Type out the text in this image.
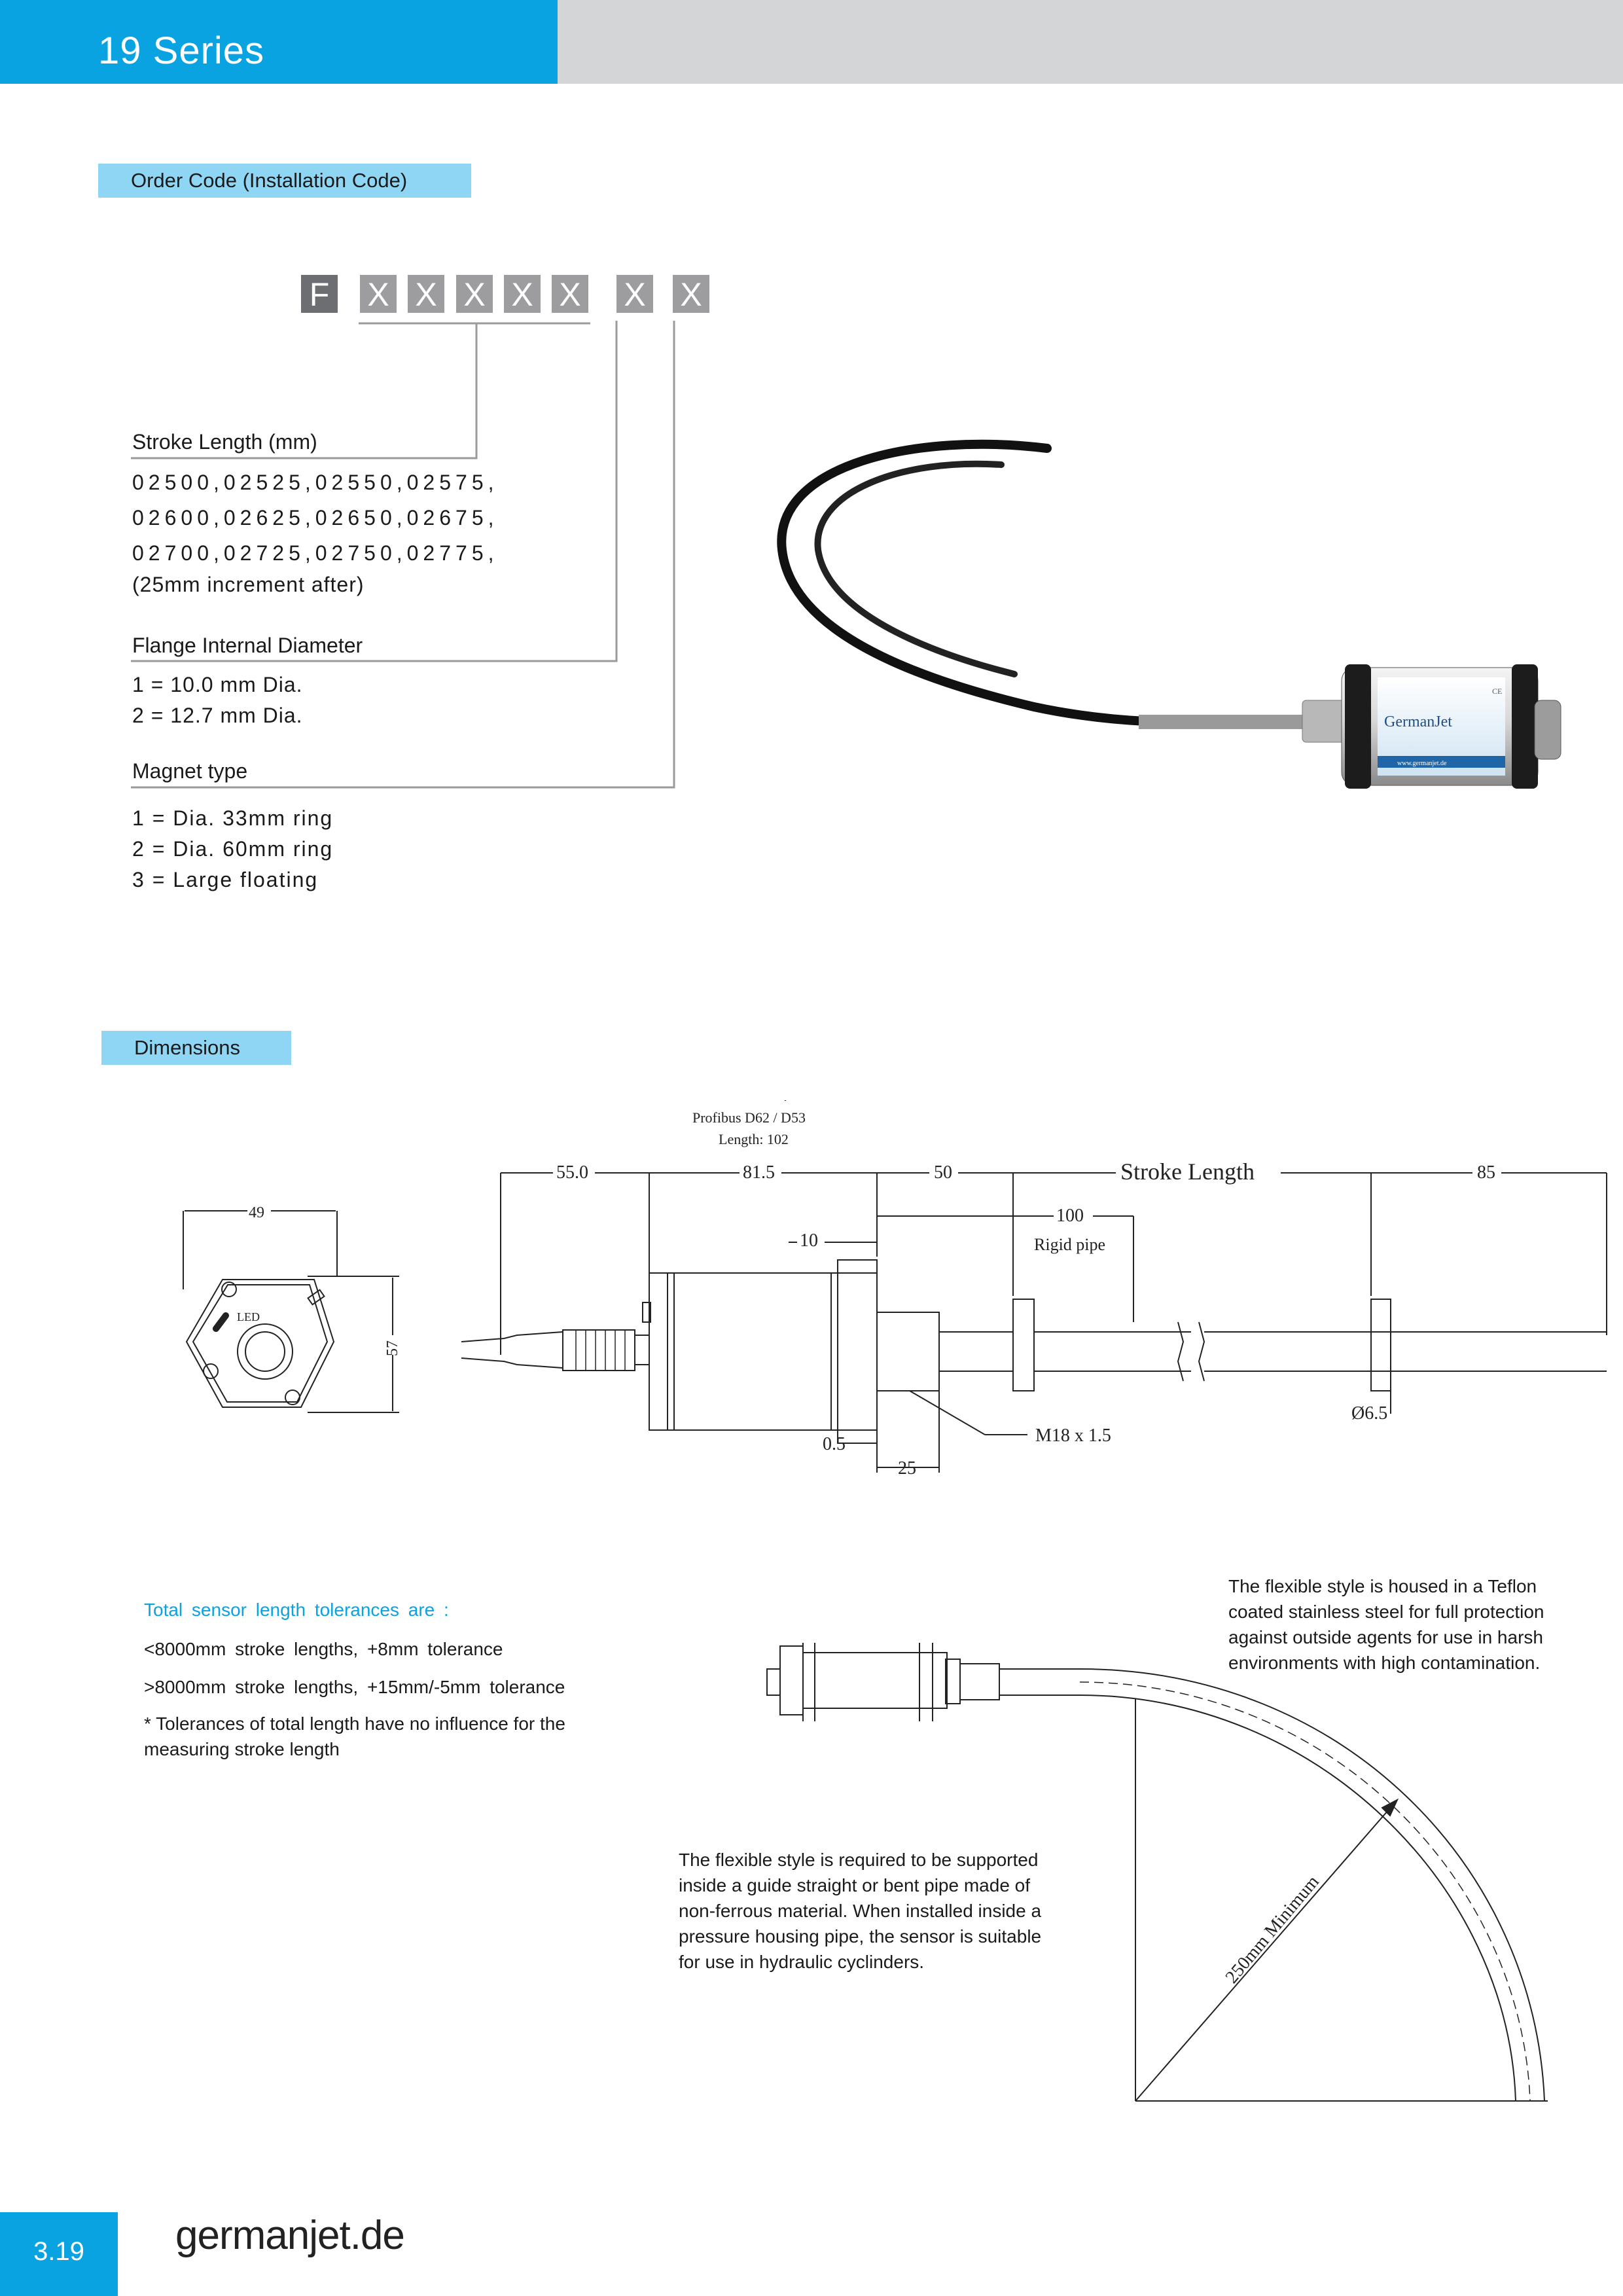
19 Series
Order Code (Installation Code)
F X X X X X X X
Stroke Length (mm)
02500,02525,02550,02575,
02600,02625,02650,02675,
02700,02725,02750,02775,
(25mm increment after)
Flange Internal Diameter
1 = 10.0 mm Dia.
2 = 12.7 mm Dia.
Magnet type
1 = Dia. 33mm ring
2 = Dia. 60mm ring
3 = Large floating
GermanJet
CE
www.germanjet.de
Dimensions
Profibus D62 / D53
Length: 102
LED
49
57
55.0	81.5	50	Stroke Length	85
10
100
Rigid pipe
Ø6.5
M18 x 1.5
0.5
25
Total sensor length tolerances are :
<8000mm stroke lengths, +8mm tolerance
>8000mm stroke lengths, +15mm/-5mm tolerance
* Tolerances of total length have no influence for the
measuring stroke length
250mm Minimum
The flexible style is housed in a Teflon
coated stainless steel for full protection
against outside agents for use in harsh
environments with high contamination.
The flexible style is required to be supported
inside a guide straight or bent pipe made of
non-ferrous material. When installed inside a
pressure housing pipe, the sensor is suitable
for use in hydraulic cyclinders.
3.19	germanjet.de
